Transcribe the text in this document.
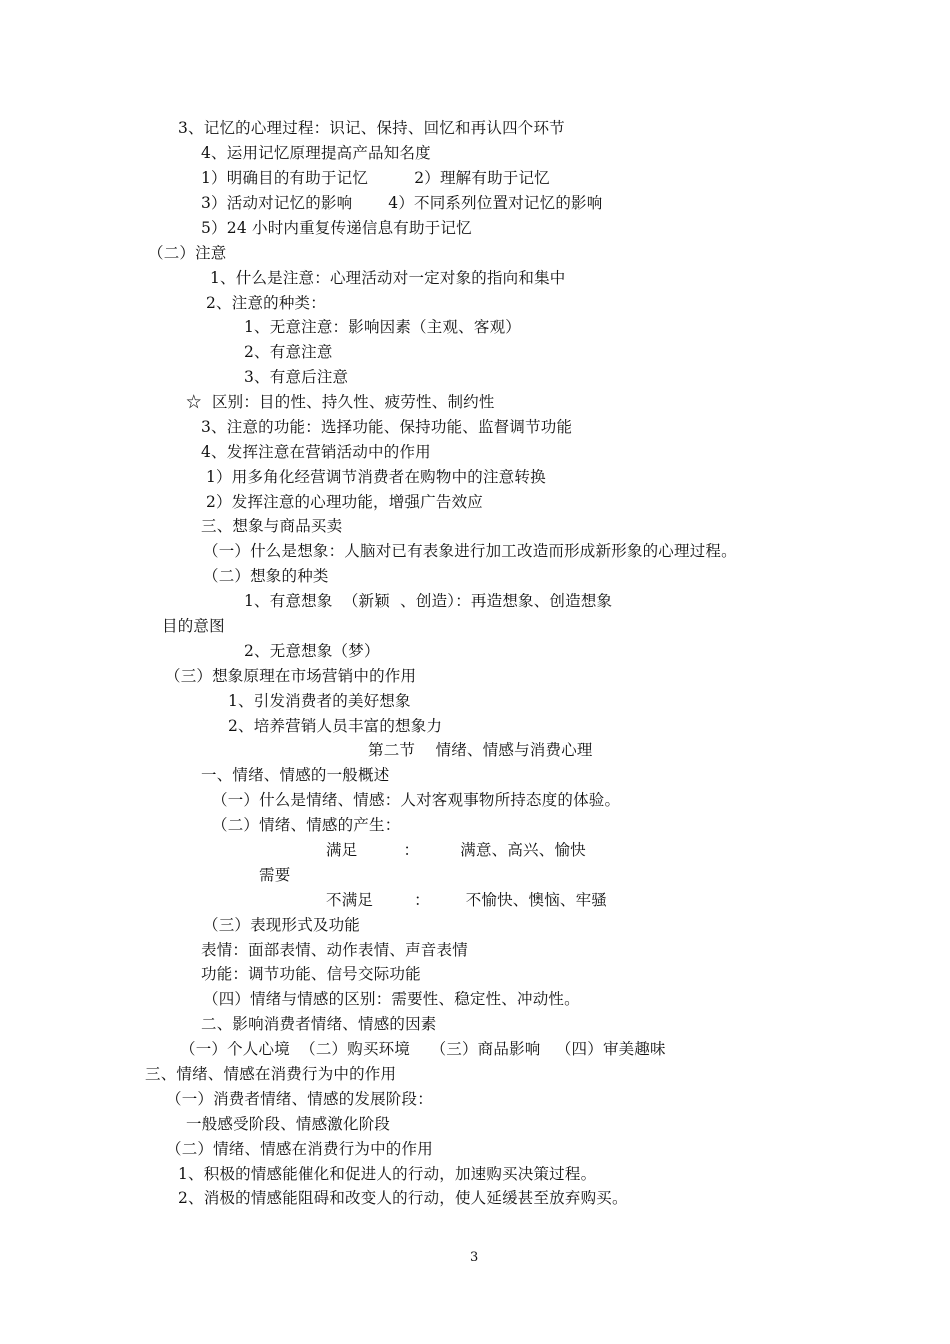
3、记忆的心理过程：识记、保持、回忆和再认四个环节
4、运用记忆原理提高产品知名度
1）明确目的有助于记忆         2）理解有助于记忆
3）活动对记忆的影响       4）不同系列位置对记忆的影响
5）24 小时内重复传递信息有助于记忆
（二）注意
1、什么是注意：心理活动对一定对象的指向和集中
2、注意的种类：
1、无意注意：影响因素（主观、客观）
2、有意注意
3、有意后注意
☆  区别：目的性、持久性、疲劳性、制约性
3、注意的功能：选择功能、保持功能、监督调节功能
4、发挥注意在营销活动中的作用
1）用多角化经营调节消费者在购物中的注意转换
2）发挥注意的心理功能，增强广告效应
三、想象与商品买卖
（一）什么是想象：人脑对已有表象进行加工改造而形成新形象的心理过程。
（二）想象的种类
1、有意想象  （新颖  、创造）：再造想象、创造想象
目的意图
2、无意想象（梦）
（三）想象原理在市场营销中的作用
1、引发消费者的美好想象
2、培养营销人员丰富的想象力
第二节    情绪、情感与消费心理
一、情绪、情感的一般概述
（一）什么是情绪、情感：人对客观事物所持态度的体验。
（二）情绪、情感的产生：
满足         ：        满意、高兴、愉快
需要
不满足        ：       不愉快、懊恼、牢骚
（三）表现形式及功能
表情：面部表情、动作表情、声音表情
功能：调节功能、信号交际功能
（四）情绪与情感的区别：需要性、稳定性、冲动性。
二、影响消费者情绪、情感的因素
（一）个人心境  （二）购买环境    （三）商品影响   （四）审美趣味
三、情绪、情感在消费行为中的作用
（一）消费者情绪、情感的发展阶段：
一般感受阶段、情感激化阶段
（二）情绪、情感在消费行为中的作用
1、积极的情感能催化和促进人的行动，加速购买决策过程。
2、消极的情感能阻碍和改变人的行动，使人延缓甚至放弃购买。
3
